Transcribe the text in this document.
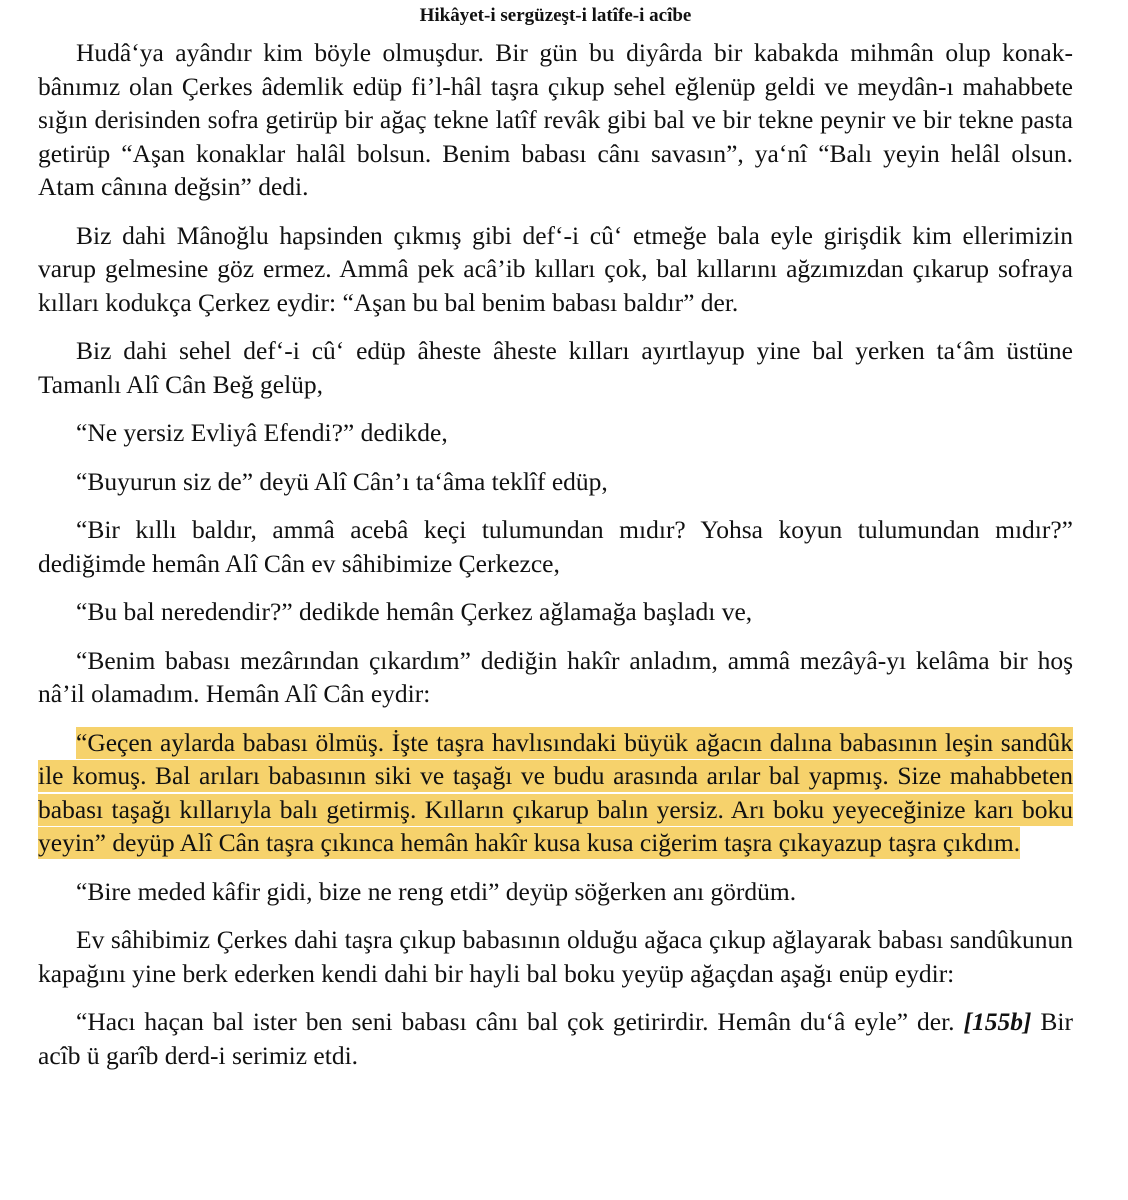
Hikâyet-i sergüzeşt-i latîfe-i acîbe

Hudâ‘ya ayândır kim böyle olmuşdur. Bir gün bu diyârda bir kabakda mihmân olup konak-bânımız olan Çerkes âdemlik edüp fi’l-hâl taşra çıkup sehel eğlenüp geldi ve meydân-ı mahabbete sığın derisinden sofra getirüp bir ağaç tekne latîf revâk gibi bal ve bir tekne peynir ve bir tekne pasta getirüp “Aşan konaklar halâl bolsun. Benim babası cânı savasın”, ya‘nî “Balı yeyin helâl olsun. Atam cânına değsin” dedi.

Biz dahi Mânoğlu hapsinden çıkmış gibi def‘-i cû‘ etmeğe bala eyle girişdik kim ellerimizin varup gelmesine göz ermez. Ammâ pek acâ’ib kılları çok, bal kıllarını ağzımızdan çıkarup sofraya kılları kodukça Çerkez eydir: “Aşan bu bal benim babası baldır” der.

Biz dahi sehel def‘-i cû‘ edüp âheste âheste kılları ayırtlayup yine bal yerken ta‘âm üstüne Tamanlı Alî Cân Beğ gelüp,

“Ne yersiz Evliyâ Efendi?” dedikde,

“Buyurun siz de” deyü Alî Cân’ı ta‘âma teklîf edüp,

“Bir kıllı baldır, ammâ acebâ keçi tulumundan mıdır? Yohsa koyun tulumundan mıdır?” dediğimde hemân Alî Cân ev sâhibimize Çerkezce,

“Bu bal neredendir?” dedikde hemân Çerkez ağlamağa başladı ve,

“Benim babası mezârından çıkardım” dediğin hakîr anladım, ammâ mezâyâ-yı kelâma bir hoş nâ’il olamadım. Hemân Alî Cân eydir:

“Geçen aylarda babası ölmüş. İşte taşra havlısındaki büyük ağacın dalına babasının leşin sandûk ile komuş. Bal arıları babasının siki ve taşağı ve budu arasında arılar bal yapmış. Size mahabbeten babası taşağı kıllarıyla balı getirmiş. Kılların çıkarup balın yersiz. Arı boku yeyeceğinize karı boku yeyin” deyüp Alî Cân taşra çıkınca hemân hakîr kusa kusa ciğerim taşra çıkayazup taşra çıkdım.

“Bire meded kâfir gidi, bize ne reng etdi” deyüp söğerken anı gördüm.

Ev sâhibimiz Çerkes dahi taşra çıkup babasının olduğu ağaca çıkup ağlayarak babası sandûkunun kapağını yine berk ederken kendi dahi bir hayli bal boku yeyüp ağaçdan aşağı enüp eydir:

“Hacı haçan bal ister ben seni babası cânı bal çok getirirdir. Hemân du‘â eyle” der. [155b] Bir acîb ü garîb derd-i serimiz etdi.
